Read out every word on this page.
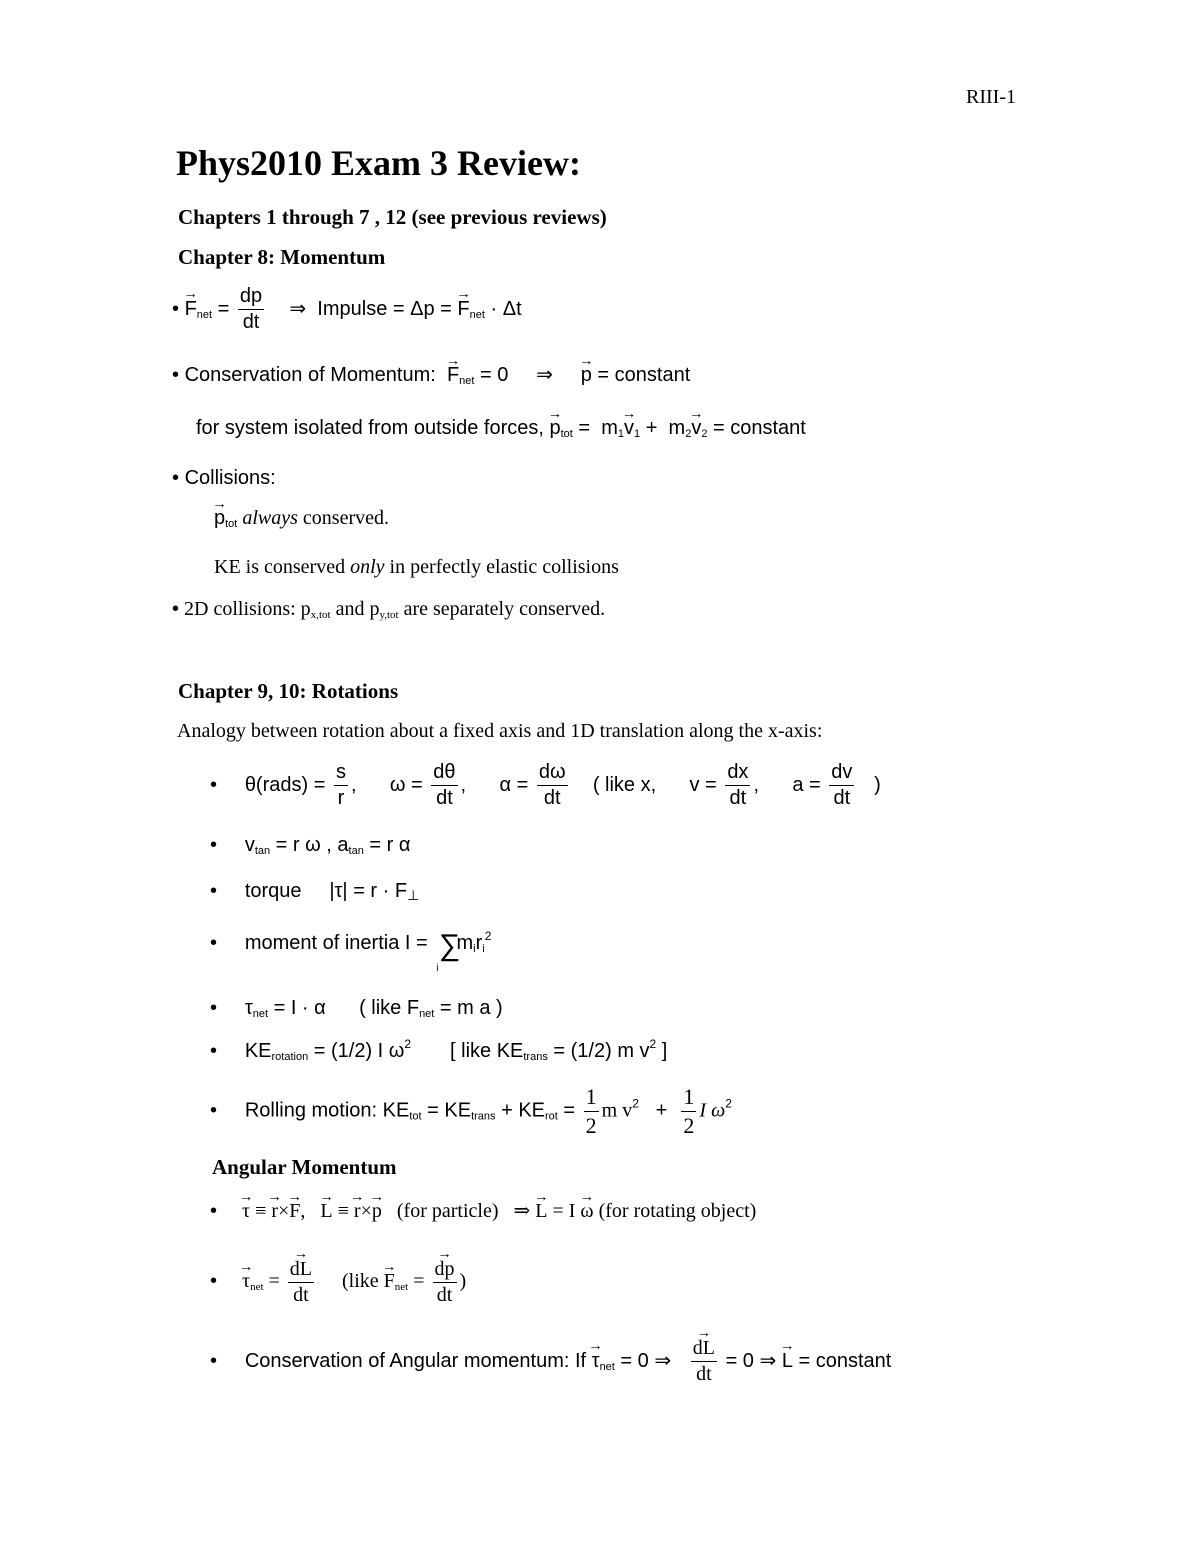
RIII-1
Phys2010 Exam 3 Review:
Chapters 1 through 7 , 12 (see previous reviews)
Chapter 8: Momentum
• → $F_{net} = \frac{dp}{dt}$ ⇒ Impulse = Δp = → $F_{net} \cdot \Delta t$
• Conservation of Momentum: → $F_{net} = 0$ ⇒ → p = constant
for system isolated from outside forces, → $p_{tot} = m_1\to v_1 + m_2\to v_2$ = constant
• Collisions:
→ $p_{tot}$ always conserved.
KE is conserved only in perfectly elastic collisions
• 2D collisions: $p_{x,tot}$ and $p_{y,tot}$ are separately conserved.
Chapter 9, 10: Rotations
Analogy between rotation about a fixed axis and 1D translation along the x-axis:
• θ(rads) = $\frac{s}{r}$ , $\omega = \frac{d\theta}{dt}$ , $\alpha = \frac{d\omega}{dt}$ ( like x, $v = \frac{dx}{dt}$ , $a = \frac{dv}{dt}$ )
• $v_{tan} = r$ ω , $a_{tan} = r$ α
• torque $|\tau| = r \cdot F_\perp$
• moment of inertia $I = \sum_im_ir_i^2$
• $\tau_{net} = I \cdot \alpha$ ( like $F_{net} = m$ a )
• $KE_{rotation} = (1/2)$ I $\omega^2$ [ like $KE_{trans} = (1/2)$ m $v^2$ ]
• Rolling motion: $KE_{tot} = KE_{trans} + KE_{rot} = \frac{1}{2}$ m $v^2 + \frac{1}{2}$ I $\omega^2$
Angular Momentum
• → τ ≡ → r×→ F, → L ≡ → r×→ p (for particle) ⇒ → L = I → ω (for rotating object)
• → $\tau_{net}$ = → $\frac{dL}{dt}$ (like → $F_{net}$ = → $\frac{dp}{dt}$ )
• Conservation of Angular momentum: $If \to \tau_{net} = 0$ ⇒ → $\frac{dL}{dt} = 0$ ⇒ → L = constant
